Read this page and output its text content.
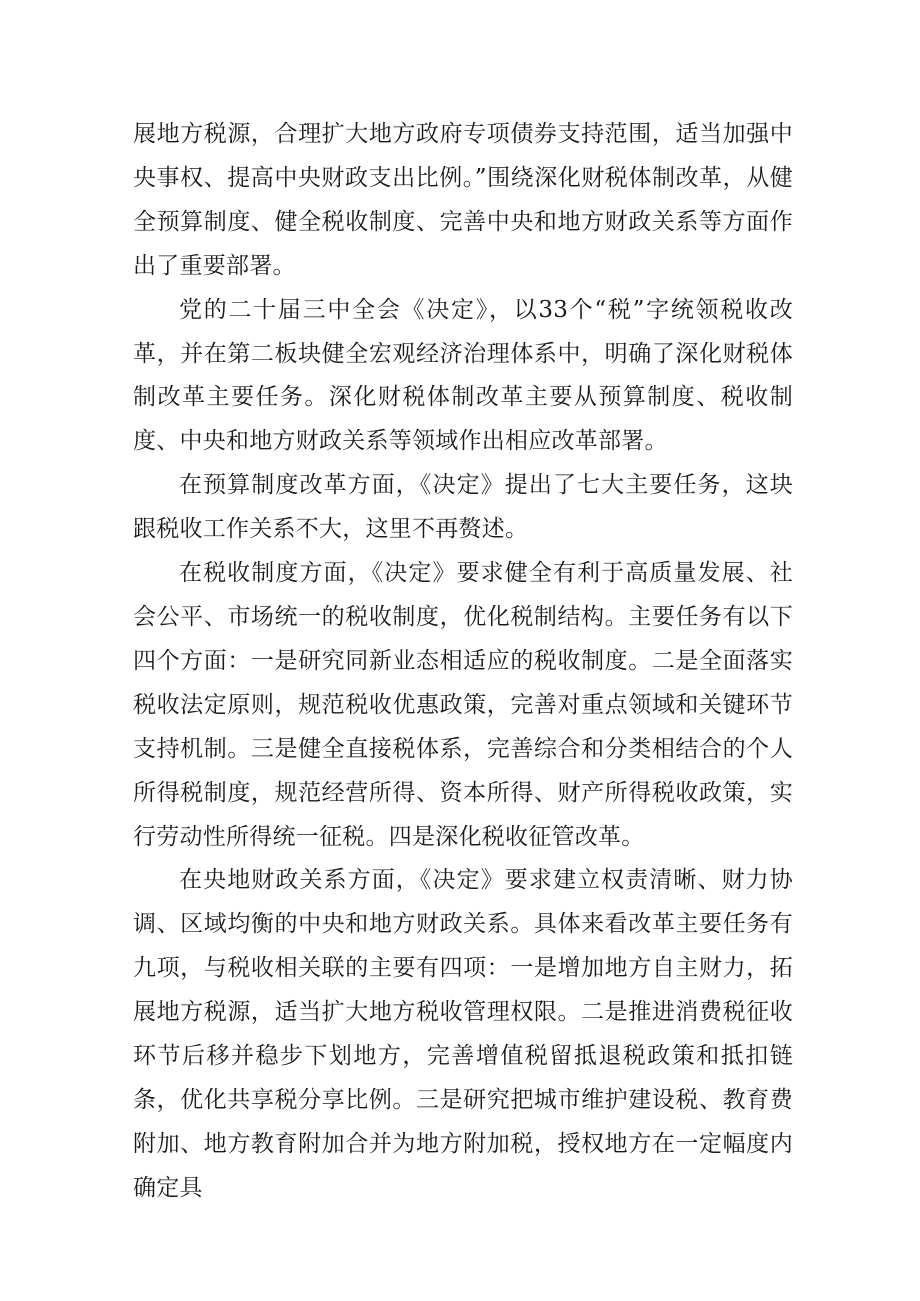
展地方税源，合理扩大地方政府专项债券支持范围，适当加强中央事权、提高中央财政支出比例。”围绕深化财税体制改革，从健全预算制度、健全税收制度、完善中央和地方财政关系等方面作出了重要部署。

党的二十届三中全会《决定》，以33个“税”字统领税收改革，并在第二板块健全宏观经济治理体系中，明确了深化财税体制改革主要任务。深化财税体制改革主要从预算制度、税收制度、中央和地方财政关系等领域作出相应改革部署。

在预算制度改革方面，《决定》提出了七大主要任务，这块跟税收工作关系不大，这里不再赘述。

在税收制度方面，《决定》要求健全有利于高质量发展、社会公平、市场统一的税收制度，优化税制结构。主要任务有以下四个方面：一是研究同新业态相适应的税收制度。二是全面落实税收法定原则，规范税收优惠政策，完善对重点领域和关键环节支持机制。三是健全直接税体系，完善综合和分类相结合的个人所得税制度，规范经营所得、资本所得、财产所得税收政策，实行劳动性所得统一征税。四是深化税收征管改革。

在央地财政关系方面，《决定》要求建立权责清晰、财力协调、区域均衡的中央和地方财政关系。具体来看改革主要任务有九项，与税收相关联的主要有四项：一是增加地方自主财力，拓展地方税源，适当扩大地方税收管理权限。二是推进消费税征收环节后移并稳步下划地方，完善增值税留抵退税政策和抵扣链条，优化共享税分享比例。三是研究把城市维护建设税、教育费附加、地方教育附加合并为地方附加税，授权地方在一定幅度内确定具
